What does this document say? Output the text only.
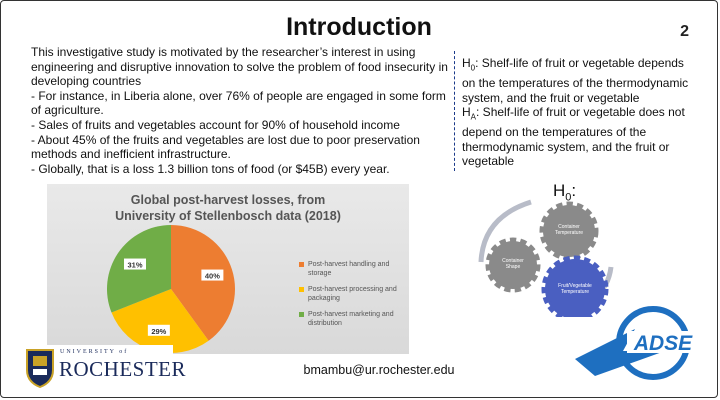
Introduction	2

This investigative study is motivated by the researcher’s interest in using engineering and disruptive innovation to solve the problem of food insecurity in developing countries

- For instance, in Liberia alone, over 76% of people are engaged in some form of agriculture.

- Sales of fruits and vegetables account for 90% of household income

- About 45% of the fruits and vegetables are lost due to poor preservation methods and inefficient infrastructure.

- Globally, that is a loss 1.3 billion tons of food (or $45B) every year.

$H_0$: Shelf-life of fruit or vegetable depends on the temperatures of the thermodynamic system, and the fruit or vegetable

$H_A$: Shelf-life of fruit or vegetable does not depend on the temperatures of the thermodynamic system, and the fruit or vegetable

Global post-harvest losses, from
University of Stellenbosch data (2018)
40%
29%
31%	Post-harvest handling and storage
Post-harvest processing and packaging
Post-harvest marketing and distribution
$H_0$:
Container
Temperature
Container
Shape
Fruit/Vegetable
Temperature
UNIVERSITY of
ROCHESTER	bmambu@ur.rochester.edu
ADSE
